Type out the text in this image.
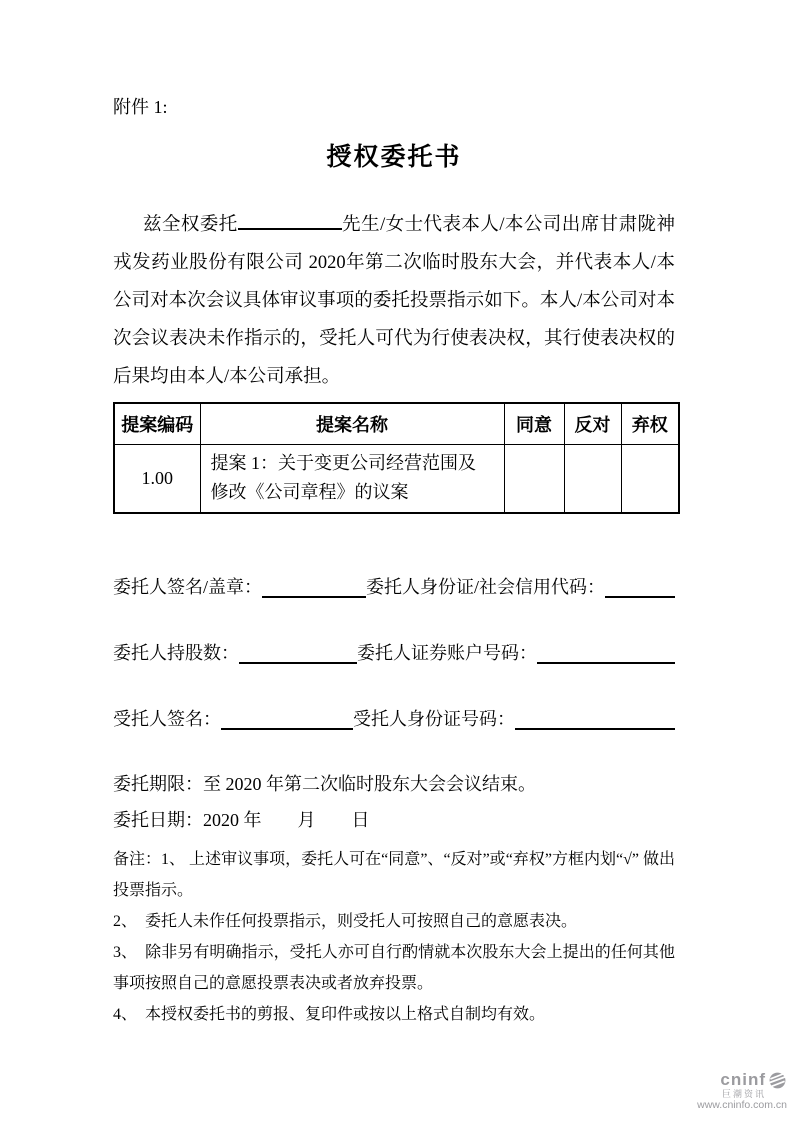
附件 1:
授权委托书

兹全权委托	先生/女士代表本人/本公司出席甘肃陇神戎发药业股份有限公司 2020年第二次临时股东大会，并代表本人/本公司对本次会议具体审议事项的委托投票指示如下。本人/本公司对本次会议表决未作指示的，受托人可代为行使表决权，其行使表决权的后果均由本人/本公司承担。

提案编码	提案名称	同意	反对	弃权
1.00	提案 1：关于变更公司经营范围及修改《公司章程》的议案			
委托人签名/盖章：	委托人身份证/社会信用代码：
委托人持股数：	委托人证券账户号码：
受托人签名：	受托人身份证号码：

委托期限：至 2020 年第二次临时股东大会会议结束。

委托日期：2020 年　　月　　日

备注：1、 上述审议事项，委托人可在“同意”、“反对”或“弃权”方框内划“√” 做出投票指示。

2、　委托人未作任何投票指示，则受托人可按照自己的意愿表决。

3、　除非另有明确指示，受托人亦可自行酌情就本次股东大会上提出的任何其他事项按照自己的意愿投票表决或者放弃投票。

4、　本授权委托书的剪报、复印件或按以上格式自制均有效。

cninf
巨潮资讯
www.cninfo.com.cn
